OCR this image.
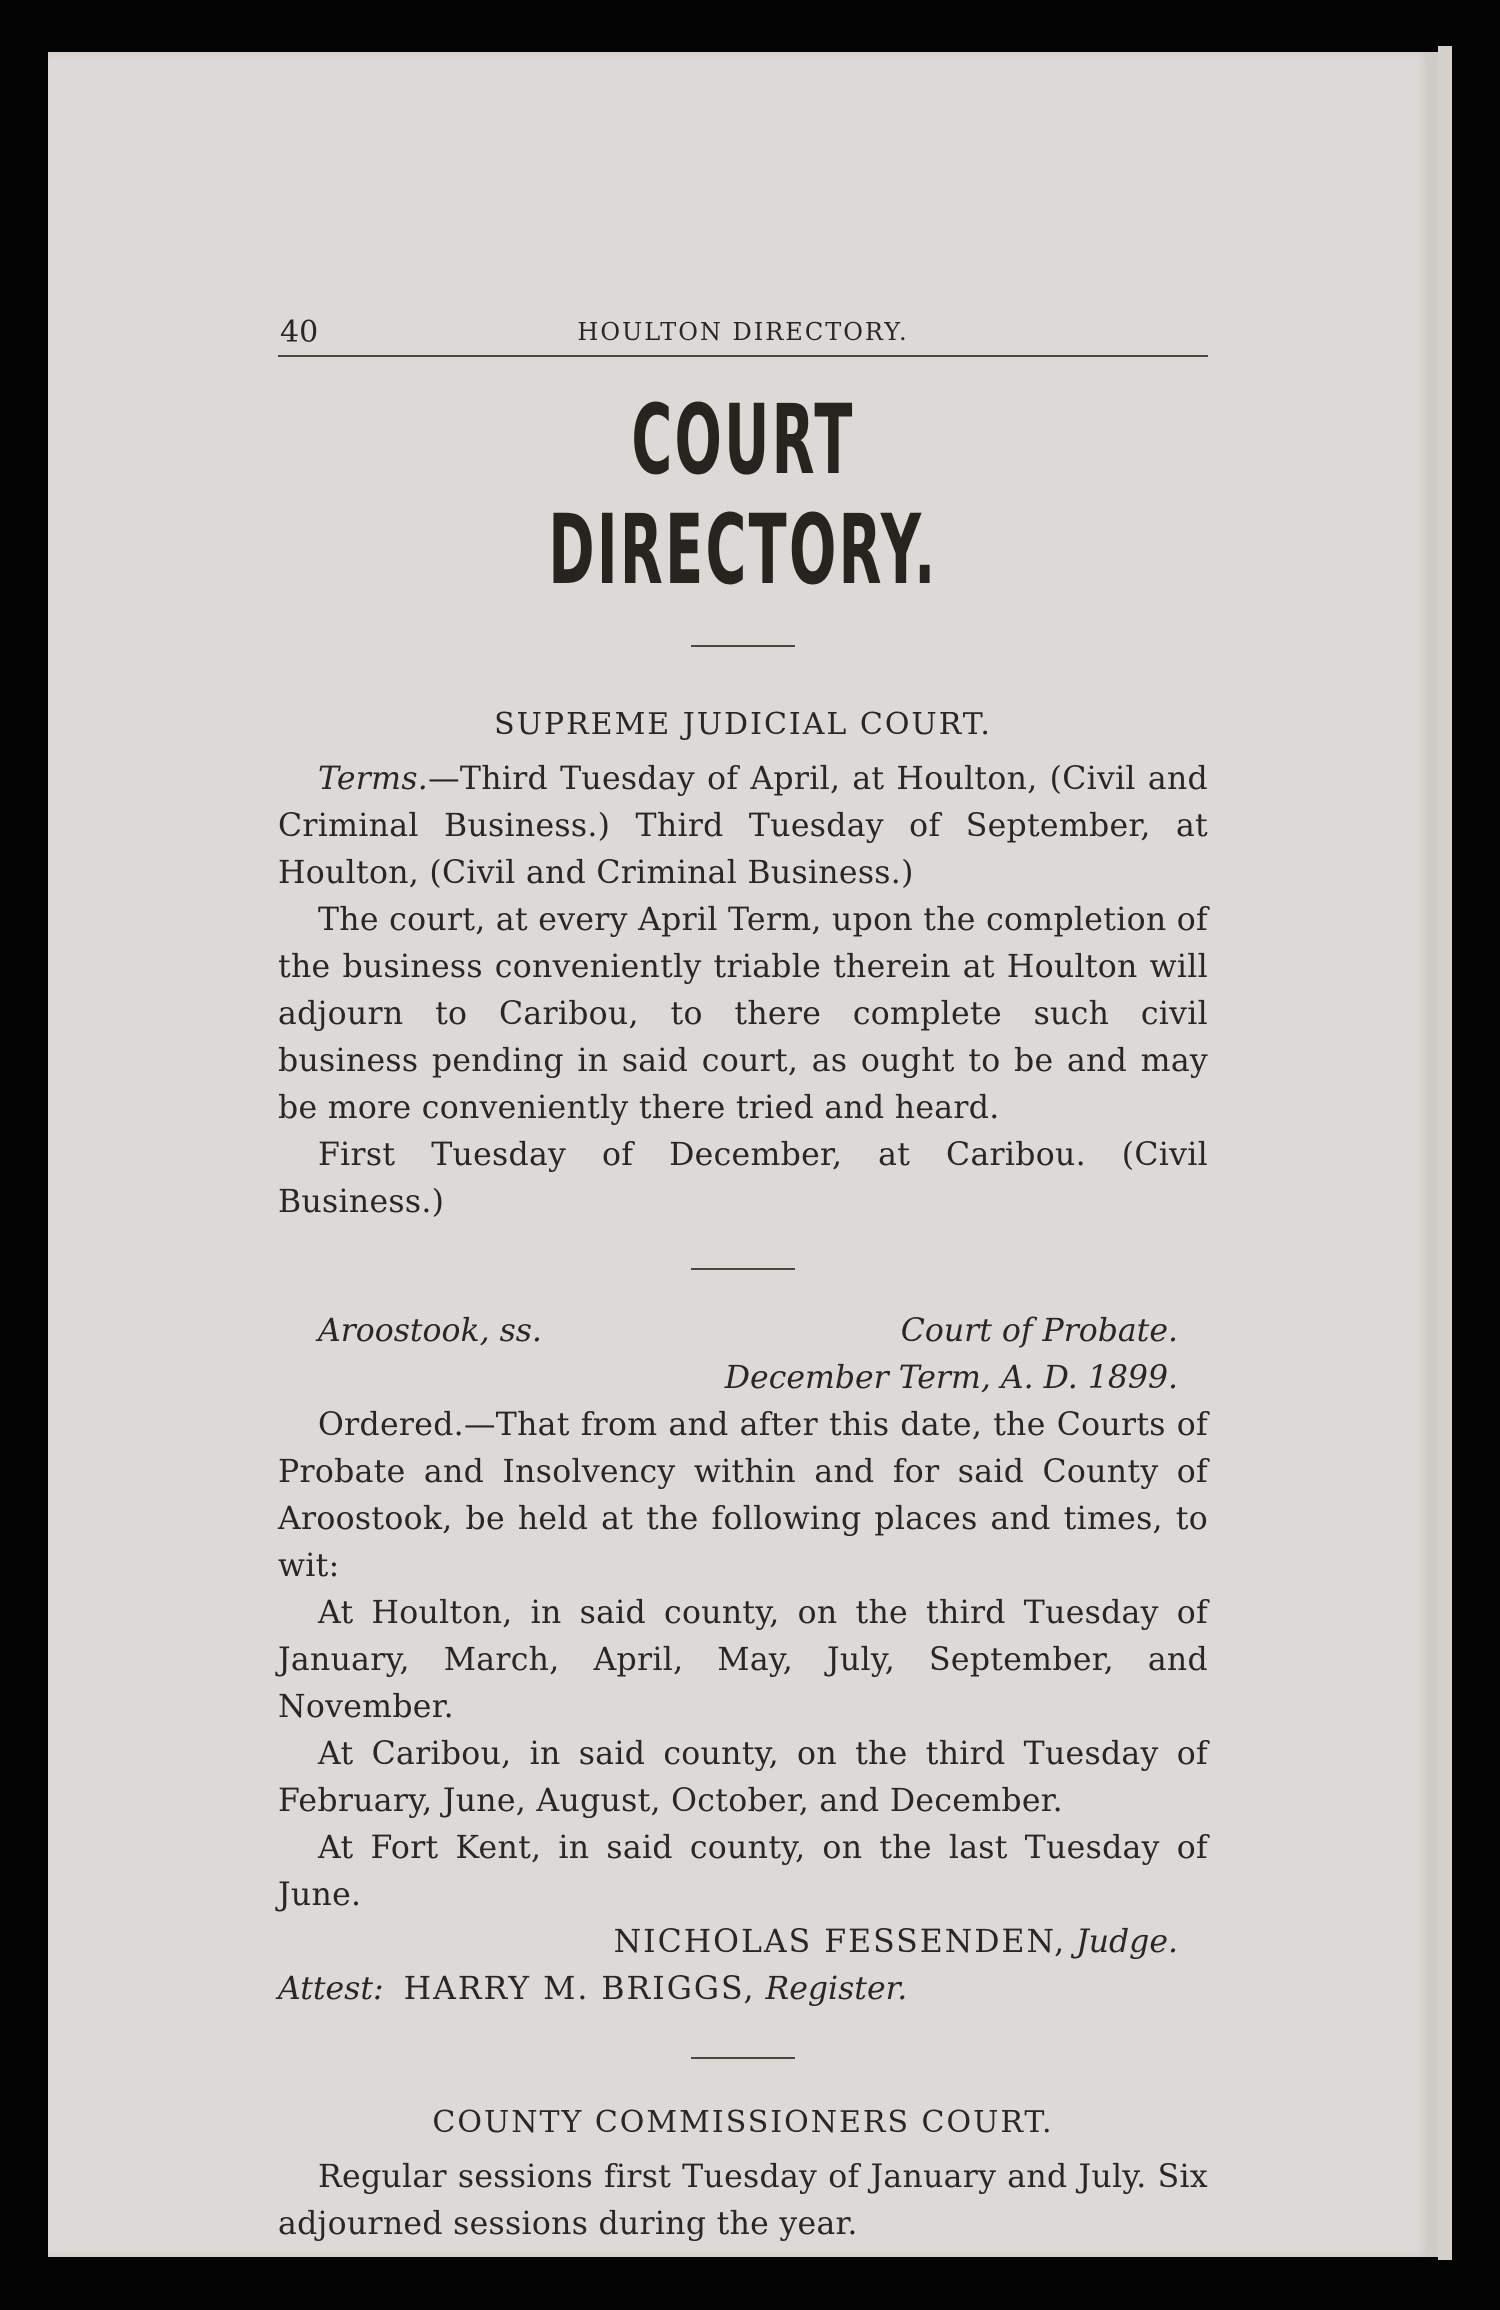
40	HOULTON DIRECTORY.
COURT DIRECTORY.
SUPREME JUDICIAL COURT.

Terms.—Third Tuesday of April, at Houlton, (Civil and Criminal Business.) Third Tuesday of September, at Houlton, (Civil and Criminal Business.)

The court, at every April Term, upon the completion of the business conveniently triable therein at Houlton will adjourn to Caribou, to there complete such civil business pending in said court, as ought to be and may be more conveniently there tried and heard.

First Tuesday of December, at Caribou. (Civil Business.)

Aroostook, ss.	Court of Probate.
December Term, A. D. 1899.

Ordered.—That from and after this date, the Courts of Probate and Insolvency within and for said County of Aroostook, be held at the following places and times, to wit:

At Houlton, in said county, on the third Tuesday of January, March, April, May, July, September, and November.

At Caribou, in said county, on the third Tuesday of February, June, August, October, and December.

At Fort Kent, in said county, on the last Tuesday of June.

NICHOLAS FESSENDEN, Judge.
Attest: HARRY M. BRIGGS, Register.
COUNTY COMMISSIONERS COURT.

Regular sessions first Tuesday of January and July. Six adjourned sessions during the year.
